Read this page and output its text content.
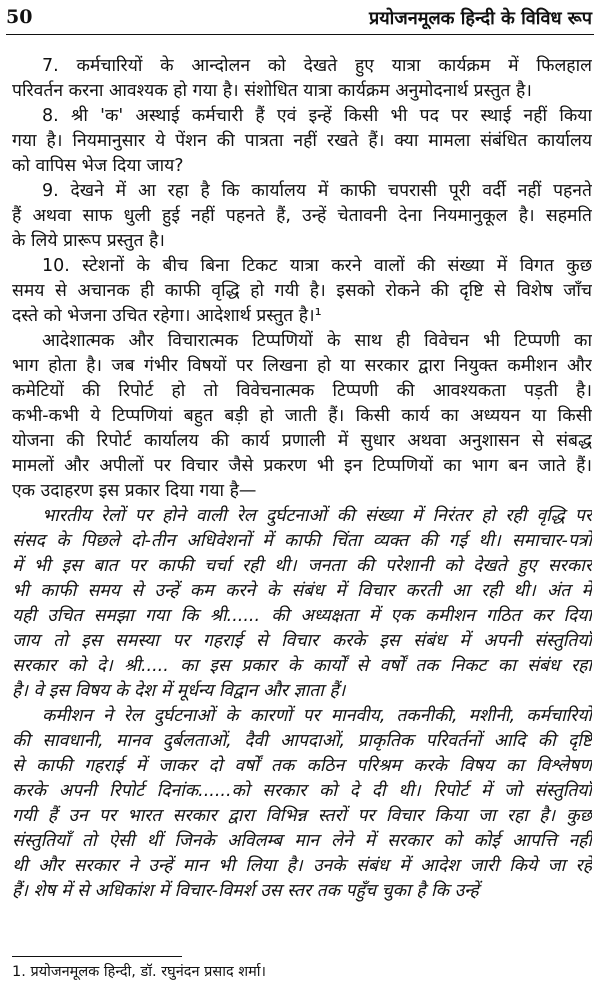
50	प्रयोजनमूलक हिन्दी के विविध रूप
7. कर्मचारियों के आन्दोलन को देखते हुए यात्रा कार्यक्रम में फिलहाल
परिवर्तन करना आवश्यक हो गया है। संशोधित यात्रा कार्यक्रम अनुमोदनार्थ प्रस्तुत है।
8. श्री 'क' अस्थाई कर्मचारी हैं एवं इन्हें किसी भी पद पर स्थाई नहीं किया
गया है। नियमानुसार ये पेंशन की पात्रता नहीं रखते हैं। क्या मामला संबंधित कार्यालय
को वापिस भेज दिया जाय?
9. देखने में आ रहा है कि कार्यालय में काफी चपरासी पूरी वर्दी नहीं पहनते
हैं अथवा साफ धुली हुई नहीं पहनते हैं, उन्हें चेतावनी देना नियमानुकूल है। सहमति
के लिये प्रारूप प्रस्तुत है।
10. स्टेशनों के बीच बिना टिकट यात्रा करने वालों की संख्या में विगत कुछ
समय से अचानक ही काफी वृद्धि हो गयी है। इसको रोकने की दृष्टि से विशेष जाँच
दस्ते को भेजना उचित रहेगा। आदेशार्थ प्रस्तुत है।¹
आदेशात्मक और विचारात्मक टिप्पणियों के साथ ही विवेचन भी टिप्पणी का
भाग होता है। जब गंभीर विषयों पर लिखना हो या सरकार द्वारा नियुक्त कमीशन और
कमेटियों की रिपोर्ट हो तो विवेचनात्मक टिप्पणी की आवश्यकता पड़ती है।
कभी-कभी ये टिप्पणियां बहुत बड़ी हो जाती हैं। किसी कार्य का अध्ययन या किसी
योजना की रिपोर्ट कार्यालय की कार्य प्रणाली में सुधार अथवा अनुशासन से संबद्ध
मामलों और अपीलों पर विचार जैसे प्रकरण भी इन टिप्पणियों का भाग बन जाते हैं।
एक उदाहरण इस प्रकार दिया गया है—
भारतीय रेलों पर होने वाली रेल दुर्घटनाओं की संख्या में निरंतर हो रही वृद्धि पर
संसद के पिछले दो-तीन अधिवेशनों में काफी चिंता व्यक्त की गई थी। समाचार-पत्रों
में भी इस बात पर काफी चर्चा रही थी। जनता की परेशानी को देखते हुए सरकार
भी काफी समय से उन्हें कम करने के संबंध में विचार करती आ रही थी। अंत में
यही उचित समझा गया कि श्री...... की अध्यक्षता में एक कमीशन गठित कर दिया
जाय तो इस समस्या पर गहराई से विचार करके इस संबंध में अपनी संस्तुतियाँ
सरकार को दे। श्री..... का इस प्रकार के कार्यों से वर्षों तक निकट का संबंध रहा
है। वे इस विषय के देश में मूर्धन्य विद्वान और ज्ञाता हैं।
कमीशन ने रेल दुर्घटनाओं के कारणों पर मानवीय, तकनीकी, मशीनी, कर्मचारियों
की सावधानी, मानव दुर्बलताओं, दैवी आपदाओं, प्राकृतिक परिवर्तनों आदि की दृष्टि
से काफी गहराई में जाकर दो वर्षों तक कठिन परिश्रम करके विषय का विश्लेषण
करके अपनी रिपोर्ट दिनांक......को सरकार को दे दी थी। रिपोर्ट में जो संस्तुतियाँ
गयी हैं उन पर भारत सरकार द्वारा विभिन्न स्तरों पर विचार किया जा रहा है। कुछ
संस्तुतियाँ तो ऐसी थीं जिनके अविलम्ब मान लेने में सरकार को कोई आपत्ति नहीं
थी और सरकार ने उन्हें मान भी लिया है। उनके संबंध में आदेश जारी किये जा रहे
हैं। शेष में से अधिकांश में विचार-विमर्श उस स्तर तक पहुँच चुका है कि उन्हें
1. प्रयोजनमूलक हिन्दी, डॉ. रघुनंदन प्रसाद शर्मा।
